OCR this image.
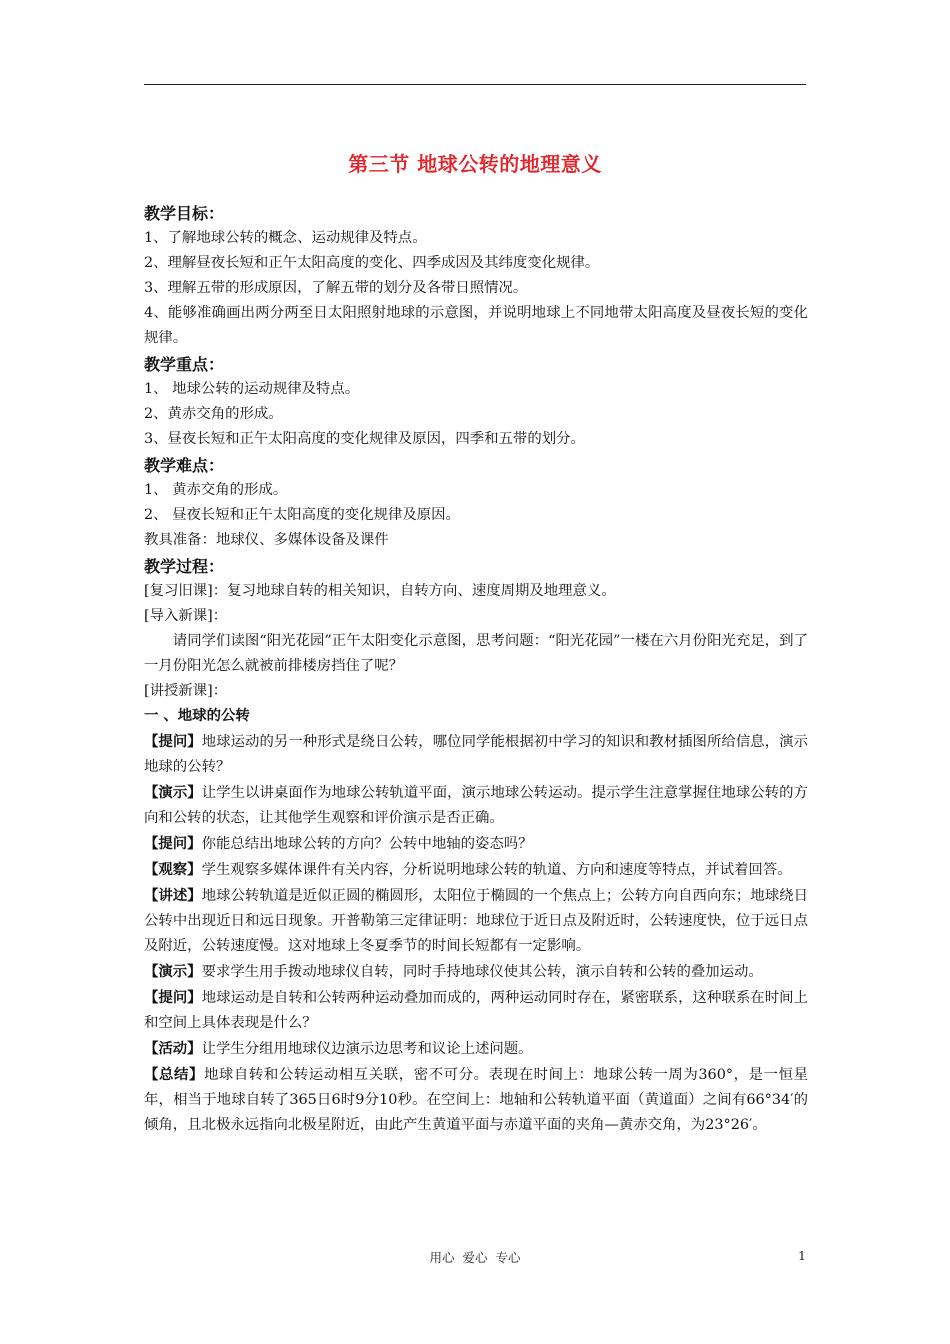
第三节 地球公转的地理意义
教学目标：

1、了解地球公转的概念、运动规律及特点。

2、理解昼夜长短和正午太阳高度的变化、四季成因及其纬度变化规律。

3、理解五带的形成原因，了解五带的划分及各带日照情况。

4、能够准确画出两分两至日太阳照射地球的示意图，并说明地球上不同地带太阳高度及昼夜长短的变化规律。

教学重点：

1、 地球公转的运动规律及特点。

2、黄赤交角的形成。

3、昼夜长短和正午太阳高度的变化规律及原因，四季和五带的划分。

教学难点：

1、 黄赤交角的形成。

2、 昼夜长短和正午太阳高度的变化规律及原因。

教具准备：地球仪、多媒体设备及课件

教学过程：

[复习旧课]：复习地球自转的相关知识，自转方向、速度周期及地理意义。

[导入新课]：

请同学们读图“阳光花园”正午太阳变化示意图，思考问题：“阳光花园”一楼在六月份阳光充足，到了一月份阳光怎么就被前排楼房挡住了呢？

[讲授新课]：

一 、地球的公转

【提问】地球运动的另一种形式是绕日公转，哪位同学能根据初中学习的知识和教材插图所给信息，演示地球的公转？

【演示】让学生以讲桌面作为地球公转轨道平面，演示地球公转运动。提示学生注意掌握住地球公转的方向和公转的状态，让其他学生观察和评价演示是否正确。

【提问】你能总结出地球公转的方向？公转中地轴的姿态吗？

【观察】学生观察多媒体课件有关内容，分析说明地球公转的轨道、方向和速度等特点，并试着回答。

【讲述】地球公转轨道是近似正圆的椭圆形，太阳位于椭圆的一个焦点上；公转方向自西向东；地球绕日公转中出现近日和远日现象。开普勒第三定律证明：地球位于近日点及附近时，公转速度快，位于远日点及附近，公转速度慢。这对地球上冬夏季节的时间长短都有一定影响。

【演示】要求学生用手拨动地球仪自转，同时手持地球仪使其公转，演示自转和公转的叠加运动。

【提问】地球运动是自转和公转两种运动叠加而成的，两种运动同时存在，紧密联系，这种联系在时间上和空间上具体表现是什么？

【活动】让学生分组用地球仪边演示边思考和议论上述问题。

【总结】地球自转和公转运动相互关联，密不可分。表现在时间上：地球公转一周为360°，是一恒星年，相当于地球自转了365日6时9分10秒。在空间上：地轴和公转轨道平面（黄道面）之间有66°34′的倾角，且北极永远指向北极星附近，由此产生黄道平面与赤道平面的夹角—黄赤交角，为23°26′。

用心  爱心  专心	1
